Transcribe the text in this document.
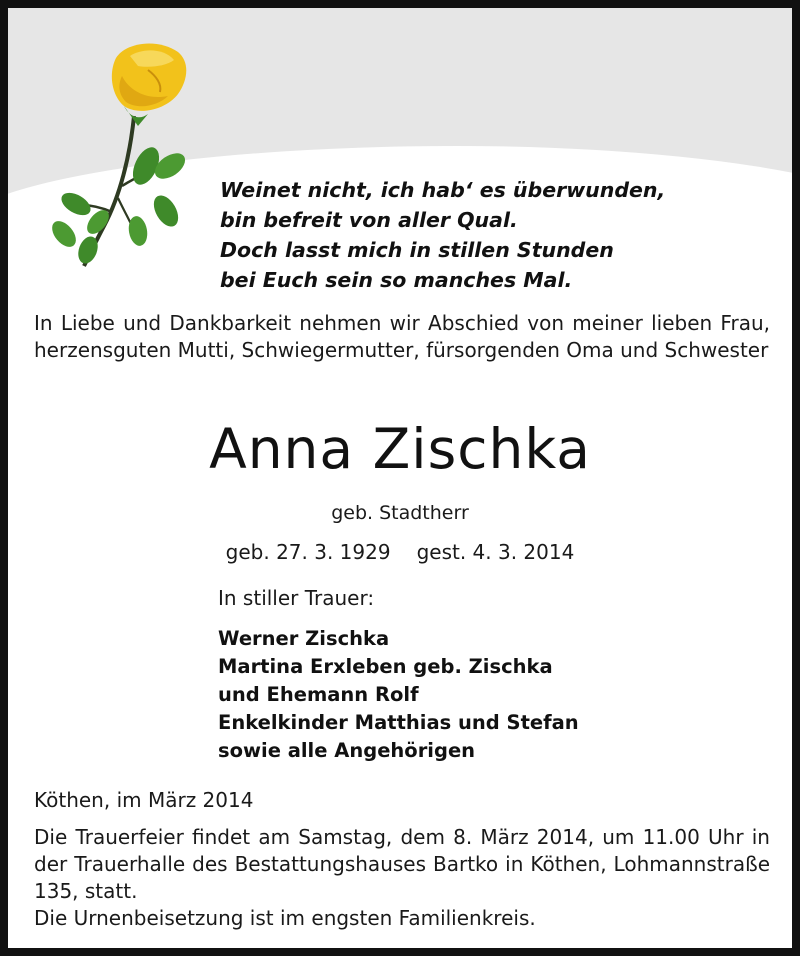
Weinet nicht, ich hab‘ es überwunden,
bin befreit von aller Qual.
Doch lasst mich in stillen Stunden
bei Euch sein so manches Mal.
In Liebe und Dankbarkeit nehmen wir Abschied von meiner lieben Frau, herzensguten Mutti, Schwiegermutter, fürsorgenden Oma und Schwester
Anna Zischka
geb. Stadtherr
geb. 27. 3. 1929 gest. 4. 3. 2014
In stiller Trauer:
Werner Zischka
Martina Erxleben geb. Zischka
und Ehemann Rolf
Enkelkinder Matthias und Stefan
sowie alle Angehörigen
Köthen, im März 2014
Die Trauerfeier findet am Samstag, dem 8. März 2014, um 11.00 Uhr in der Trauerhalle des Bestattungshauses Bartko in Köthen, Lohmannstraße 135, statt.
Die Urnenbeisetzung ist im engsten Familienkreis.
